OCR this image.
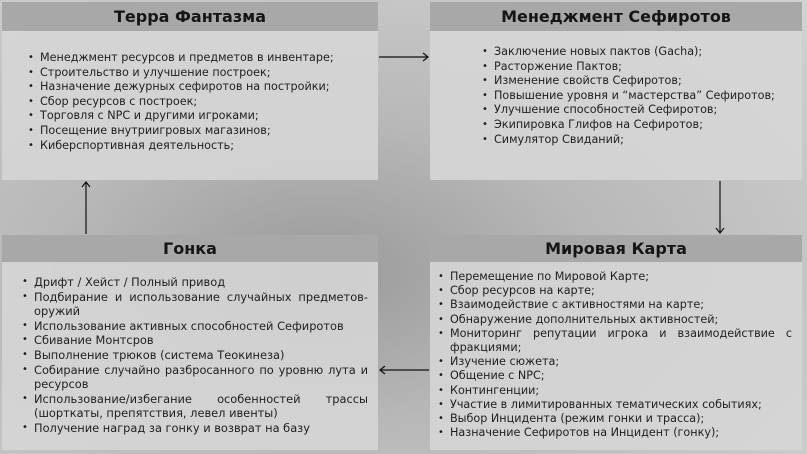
Терра Фантазма
• Менеджмент ресурсов и предметов в инвентаре;
• Строительство и улучшение построек;
• Назначение дежурных сефиротов на постройки;
• Сбор ресурсов с построек;
• Торговля с NPC и другими игроками;
• Посещение внутриигровых магазинов;
• Киберспортивная деятельность;
Менеджмент Сефиротов
• Заключение новых пактов (Gacha);
• Расторжение Пактов;
• Изменение свойств Сефиротов;
• Повышение уровня и “мастерства” Сефиротов;
• Улучшение способностей Сефиротов;
• Экипировка Глифов на Сефиротов;
• Симулятор Свиданий;
Гонка
• Дрифт / Хейст / Полный привод
• Подбирание и использование случайных предметов-оружий
• Использование активных способностей Сефиротов
• Сбивание Монтсров
• Выполнение трюков (система Теокинеза)
• Собирание случайно разбросанного по уровню лута и ресурсов
• Использование/избегание особенностей трассы (шорткаты, препятствия, левел ивенты)
• Получение наград за гонку и возврат на базу
Мировая Карта
• Перемещение по Мировой Карте;
• Сбор ресурсов на карте;
• Взаимодействие с активностями на карте;
• Обнаружение дополнительных активностей;
• Мониторинг репутации игрока и взаимодействие с фракциями;
• Изучение сюжета;
• Общение с NPC;
• Контингенции;
• Участие в лимитированных тематических событиях;
• Выбор Инцидента (режим гонки и трасса);
• Назначение Сефиротов на Инцидент (гонку);
